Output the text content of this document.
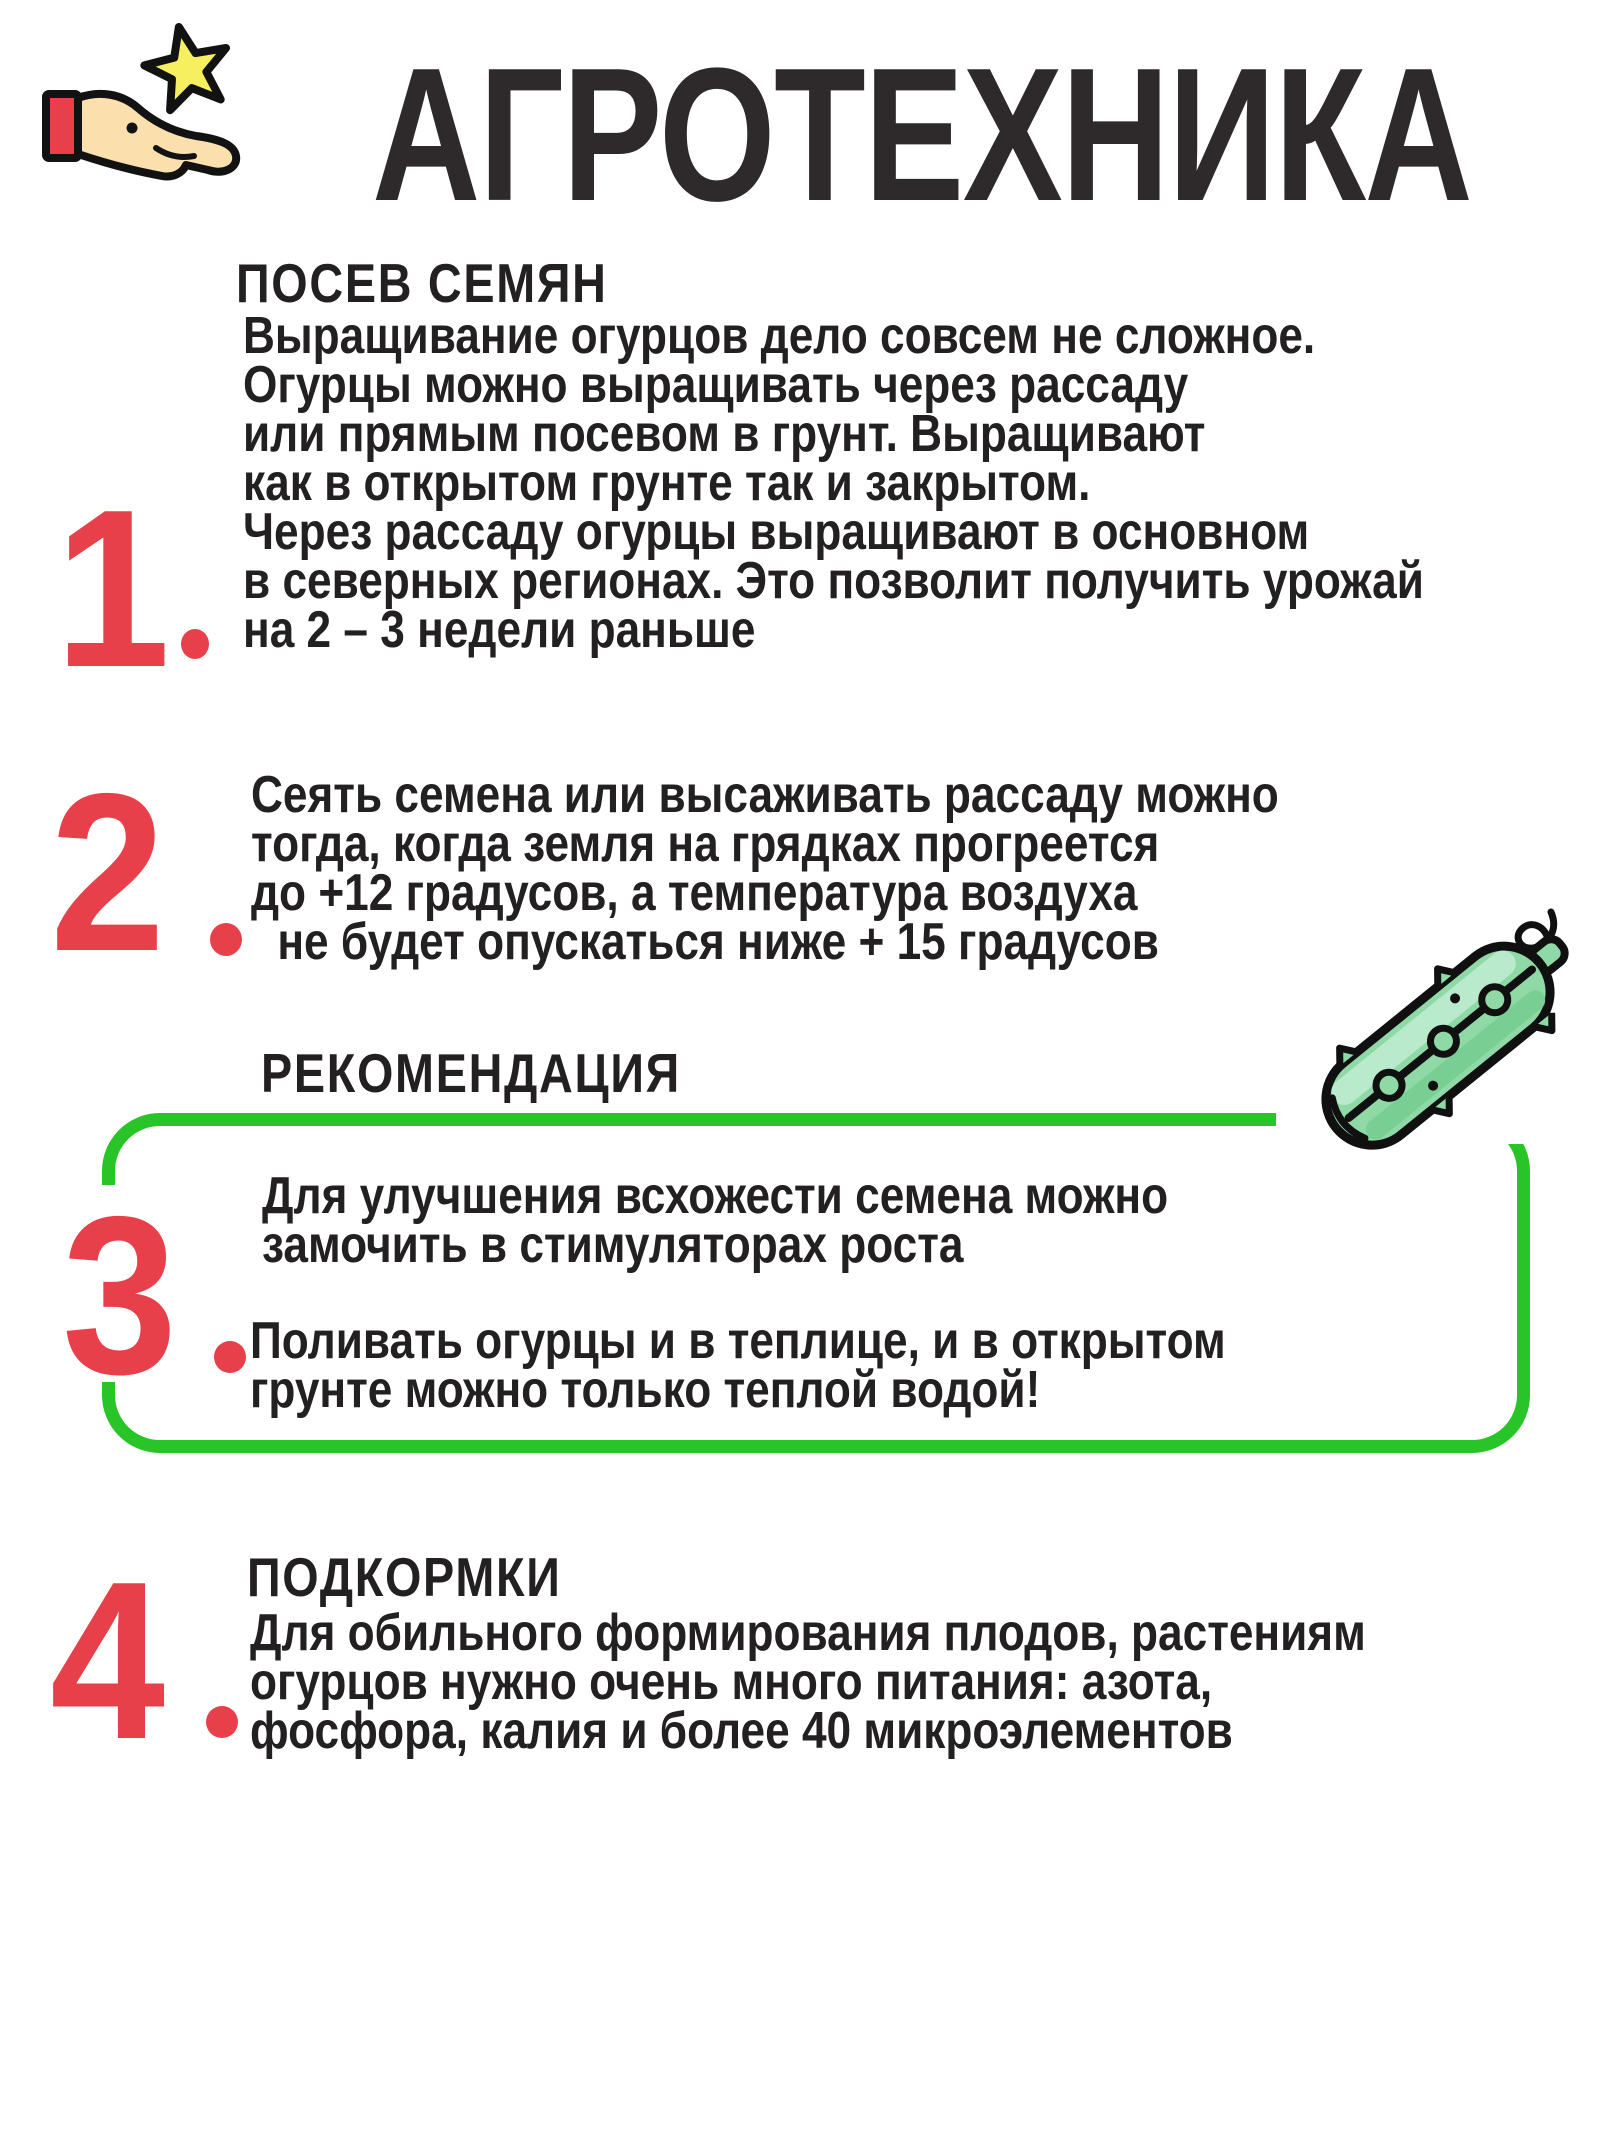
АГРОТЕХНИКА
1
ПОСЕВ СЕМЯН
Выращивание огурцов дело совсем не сложное.
Огурцы можно выращивать через рассаду
или прямым посевом в грунт. Выращивают
как в открытом грунте так и закрытом.
Через рассаду огурцы выращивают в основном
в северных регионах. Это позволит получить урожай
на 2 – 3 недели раньше
2 Сеять семена или высаживать рассаду можно
тогда, когда земля на грядках прогреется
до +12 градусов, а температура воздуха
не будет опускаться ниже + 15 градусов
РЕКОМЕНДАЦИЯ
3 Для улучшения всхожести семена можно
замочить в стимуляторах роста
Поливать огурцы и в теплице, и в открытом
грунте можно только теплой водой!
4 ПОДКОРМКИ
Для обильного формирования плодов, растениям
огурцов нужно очень много питания: азота,
фосфора, калия и более 40 микроэлементов
